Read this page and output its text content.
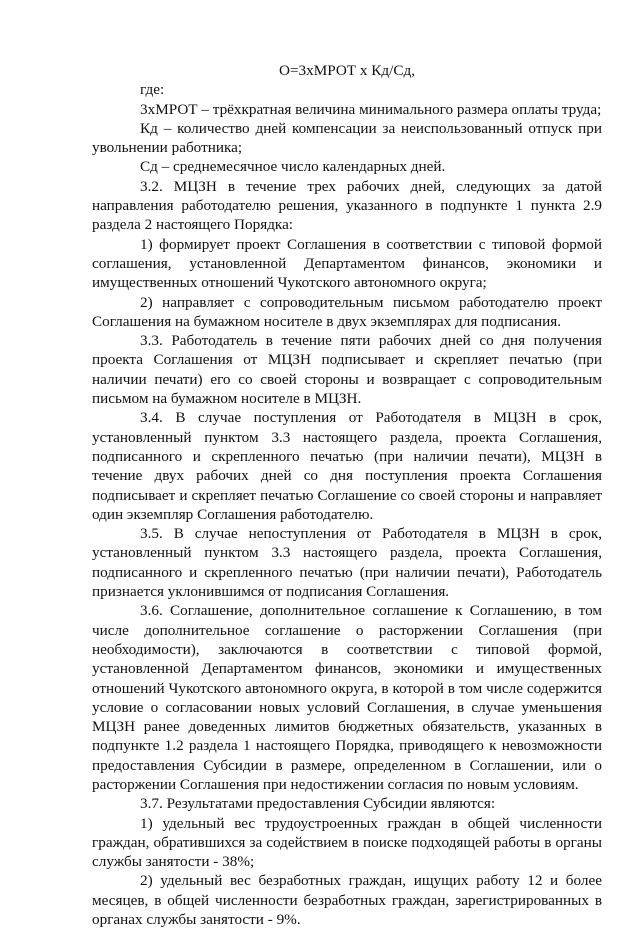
О=3хМРОТ х Кд/Сд,

где:

3хМРОТ – трёхкратная величина минимального размера оплаты труда;

Кд – количество дней компенсации за неиспользованный отпуск при увольнении работника;

Сд – среднемесячное число календарных дней.

3.2. МЦЗН в течение трех рабочих дней, следующих за датой направления работодателю решения, указанного в подпункте 1 пункта 2.9 раздела 2 настоящего Порядка:

1) формирует проект Соглашения в соответствии с типовой формой соглашения, установленной Департаментом финансов, экономики и имущественных отношений Чукотского автономного округа;

2) направляет с сопроводительным письмом работодателю проект Соглашения на бумажном носителе в двух экземплярах для подписания.

3.3. Работодатель в течение пяти рабочих дней со дня получения проекта Соглашения от МЦЗН подписывает и скрепляет печатью (при наличии печати) его со своей стороны и возвращает с сопроводительным письмом на бумажном носителе в МЦЗН.

3.4. В случае поступления от Работодателя в МЦЗН в срок, установленный пунктом 3.3 настоящего раздела, проекта Соглашения, подписанного и скрепленного печатью (при наличии печати), МЦЗН в течение двух рабочих дней со дня поступления проекта Соглашения подписывает и скрепляет печатью Соглашение со своей стороны и направляет один экземпляр Соглашения работодателю.

3.5. В случае непоступления от Работодателя в МЦЗН в срок, установленный пунктом 3.3 настоящего раздела, проекта Соглашения, подписанного и скрепленного печатью (при наличии печати), Работодатель признается уклонившимся от подписания Соглашения.

3.6. Соглашение, дополнительное соглашение к Соглашению, в том числе дополнительное соглашение о расторжении Соглашения (при необходимости), заключаются в соответствии с типовой формой, установленной Департаментом финансов, экономики и имущественных отношений Чукотского автономного округа, в которой в том числе содержится условие о согласовании новых условий Соглашения, в случае уменьшения МЦЗН ранее доведенных лимитов бюджетных обязательств, указанных в подпункте 1.2 раздела 1 настоящего Порядка, приводящего к невозможности предоставления Субсидии в размере, определенном в Соглашении, или о расторжении Соглашения при недостижении согласия по новым условиям.

3.7. Результатами предоставления Субсидии являются:

1) удельный вес трудоустроенных граждан в общей численности граждан, обратившихся за содействием в поиске подходящей работы в органы службы занятости - 38%;

2) удельный вес безработных граждан, ищущих работу 12 и более месяцев, в общей численности безработных граждан, зарегистрированных в органах службы занятости - 9%.
